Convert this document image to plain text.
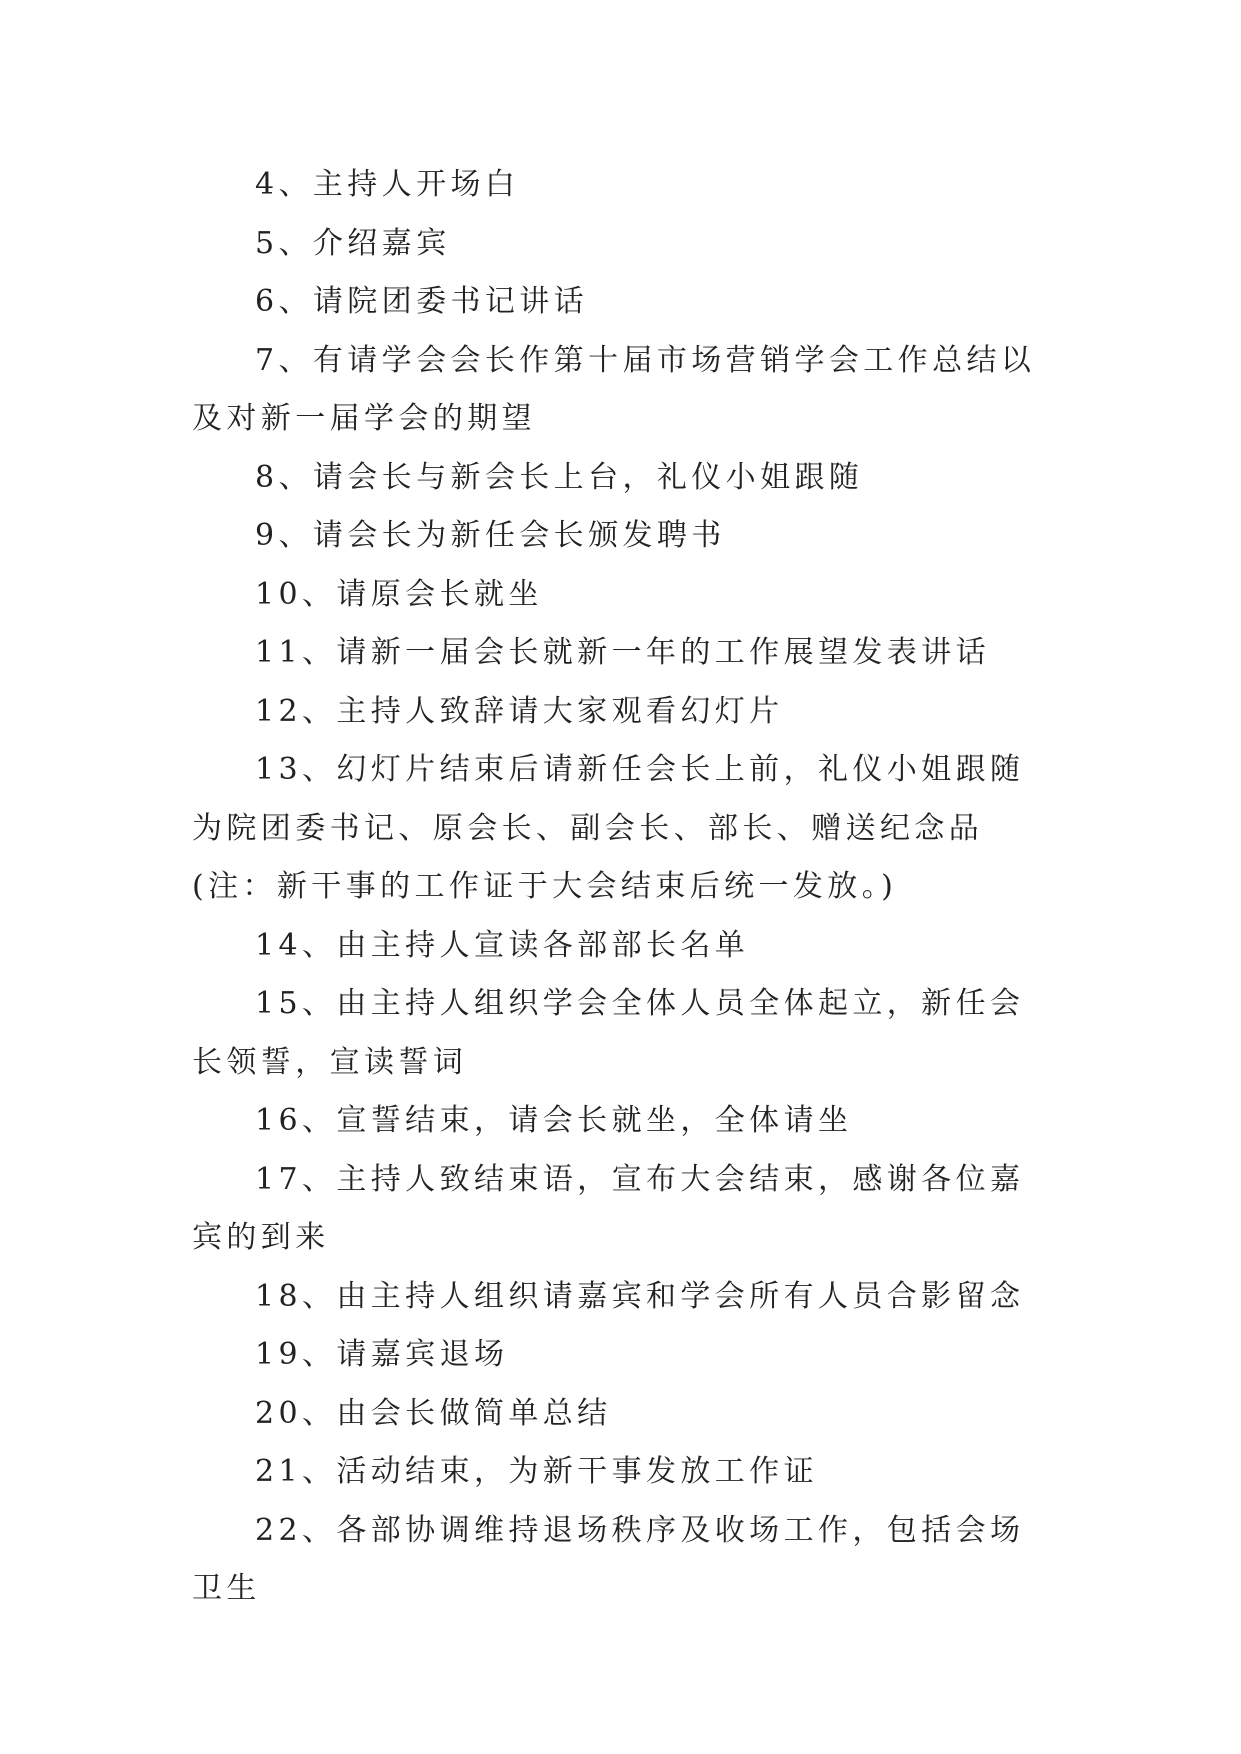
4、主持人开场白

5、介绍嘉宾

6、请院团委书记讲话

7、有请学会会长作第十届市场营销学会工作总结以及对新一届学会的期望

8、请会长与新会长上台，礼仪小姐跟随

9、请会长为新任会长颁发聘书

10、请原会长就坐

11、请新一届会长就新一年的工作展望发表讲话

12、主持人致辞请大家观看幻灯片

13、幻灯片结束后请新任会长上前，礼仪小姐跟随为院团委书记、原会长、副会长、部长、赠送纪念品(注：新干事的工作证于大会结束后统一发放。)

14、由主持人宣读各部部长名单

15、由主持人组织学会全体人员全体起立，新任会长领誓，宣读誓词

16、宣誓结束，请会长就坐，全体请坐

17、主持人致结束语，宣布大会结束，感谢各位嘉宾的到来

18、由主持人组织请嘉宾和学会所有人员合影留念

19、请嘉宾退场

20、由会长做简单总结

21、活动结束，为新干事发放工作证

22、各部协调维持退场秩序及收场工作，包括会场卫生
